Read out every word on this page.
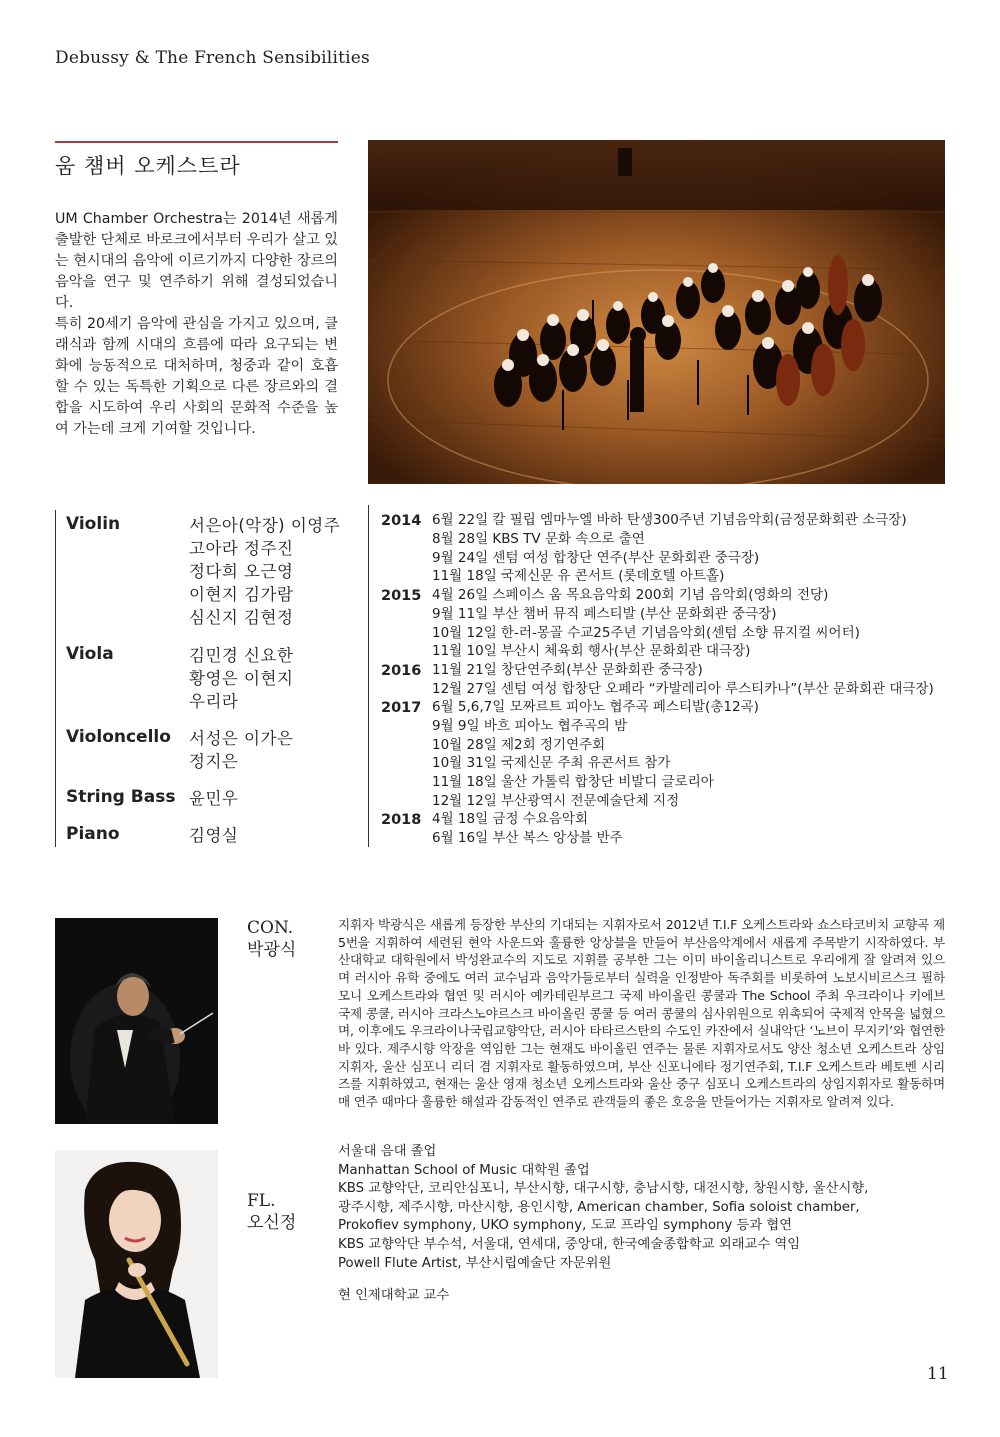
Debussy & The French Sensibilities
움 첌버 오케스트라

UM Chamber Orchestra는 2014년 새롭게 출발한 단체로 바로크에서부터 우리가 살고 있는 현시대의 음악에 이르기까지 다양한 장르의 음악을 연구 및 연주하기 위해 결성되었습니다.

특히 20세기 음악에 관심을 가지고 있으며, 클래식과 함께 시대의 흐름에 따라 요구되는 변화에 능동적으로 대처하며, 청중과 같이 호흡할 수 있는 독특한 기획으로 다른 장르와의 결합을 시도하여 우리 사회의 문화적 수준을 높여 가는데 크게 기여할 것입니다.

Violin	서은아(악장) 이영주
고아라 정주진
정다희 오근영
이현지 김가람
심신지 김현정
Viola	김민경 신요한
황영은 이현지
우리라
Violoncello 서성은 이가은
정지은
String Bass 윤민우
Piano	김영실
2014 6월 22일 칼 필립 엠마누엘 바하 탄생300주년 기념음악회(금정문화회관 소극장)
8월 28일 KBS TV 문화 속으로 출연
9월 24일 센텀 여성 합창단 연주(부산 문화회관 중극장)
11월 18일 국제신문 유 콘서트 (롯데호텔 아트홀)
2015 4월 26일 스페이스 움 목요음악회 200회 기념 음악회(영화의 전당)
9월 11일 부산 챔버 뮤직 페스티발 (부산 문화회관 중극장)
10월 12일 한-러-몽골 수교25주년 기념음악회(센텀 소향 뮤지컬 씨어터)
11월 10일 부산시 체육회 행사(부산 문화회관 대극장)
2016 11월 21일 창단연주회(부산 문화회관 중극장)
12월 27일 센텀 여성 합창단 오페라 “카발레리아 루스티카나”(부산 문화회관 대극장)
2017 6월 5,6,7일 모짜르트 피아노 협주곡 페스티발(총12곡)
9월 9일 바흐 피아노 협주곡의 밤
10월 28일 제2회 정기연주회
10월 31일 국제신문 주최 유콘서트 참가
11월 18일 울산 가톨릭 합창단 비발디 글로리아
12월 12일 부산광역시 전문예술단체 지정
2018 4월 18일 금정 수요음악회
6월 16일 부산 복스 앙상블 반주
CON.
박광식
지휘자 박광식은 새롭게 등장한 부산의 기대되는 지휘자로서 2012년 T.I.F 오케스트라와 쇼스타코비치 교향곡 제5번을 지휘하여 세련된 현악 사운드와 훌륭한 앙상블을 만들어 부산음악계에서 새롭게 주목받기 시작하였다. 부산대학교 대학원에서 박성완교수의 지도로 지휘를 공부한 그는 이미 바이올리니스트로 우리에게 잘 알려져 있으며 러시아 유학 중에도 여러 교수님과 음악가들로부터 실력을 인정받아 독주회를 비롯하여 노보시비르스크 필하모니 오케스트라와 협연 및 러시아 예카테린부르그 국제 바이올린 콩쿨과 The School 주최 우크라이나 키에브 국제 콩쿨, 러시아 크라스노야르스크 바이올린 콩쿨 등 여러 콩쿨의 심사위원으로 위촉되어 국제적 안목을 넓혔으며, 이후에도 우크라이나국립교향악단, 러시아 타타르스탄의 수도인 카잔에서 실내악단 ‘노브이 무지키’와 협연한 바 있다. 제주시향 악장을 역임한 그는 현재도 바이올린 연주는 물론 지휘자로서도 양산 청소년 오케스트라 상임지휘자, 울산 심포니 리더 겸 지휘자로 활동하였으며, 부산 신포니에타 정기연주회, T.I.F 오케스트라 베토벤 시리즈를 지휘하였고, 현재는 울산 영재 청소년 오케스트라와 울산 중구 심포니 오케스트라의 상임지휘자로 활동하며 매 연주 때마다 훌륭한 해설과 감동적인 연주로 관객들의 좋은 호응을 만들어가는 지휘자로 알려져 있다.
FL.
오신정
서울대 음대 졸업
Manhattan School of Music 대학원 졸업
KBS 교향악단, 코리안심포니, 부산시향, 대구시향, 충남시향, 대전시향, 창원시향, 울산시향,
광주시향, 제주시향, 마산시향, 용인시향, American chamber, Sofia soloist chamber,
Prokofiev symphony, UKO symphony, 도쿄 프라임 symphony 등과 협연
KBS 교향악단 부수석, 서울대, 연세대, 중앙대, 한국예술종합학교 외래교수 역임
Powell Flute Artist, 부산시립예술단 자문위원
현 인제대학교 교수
11
